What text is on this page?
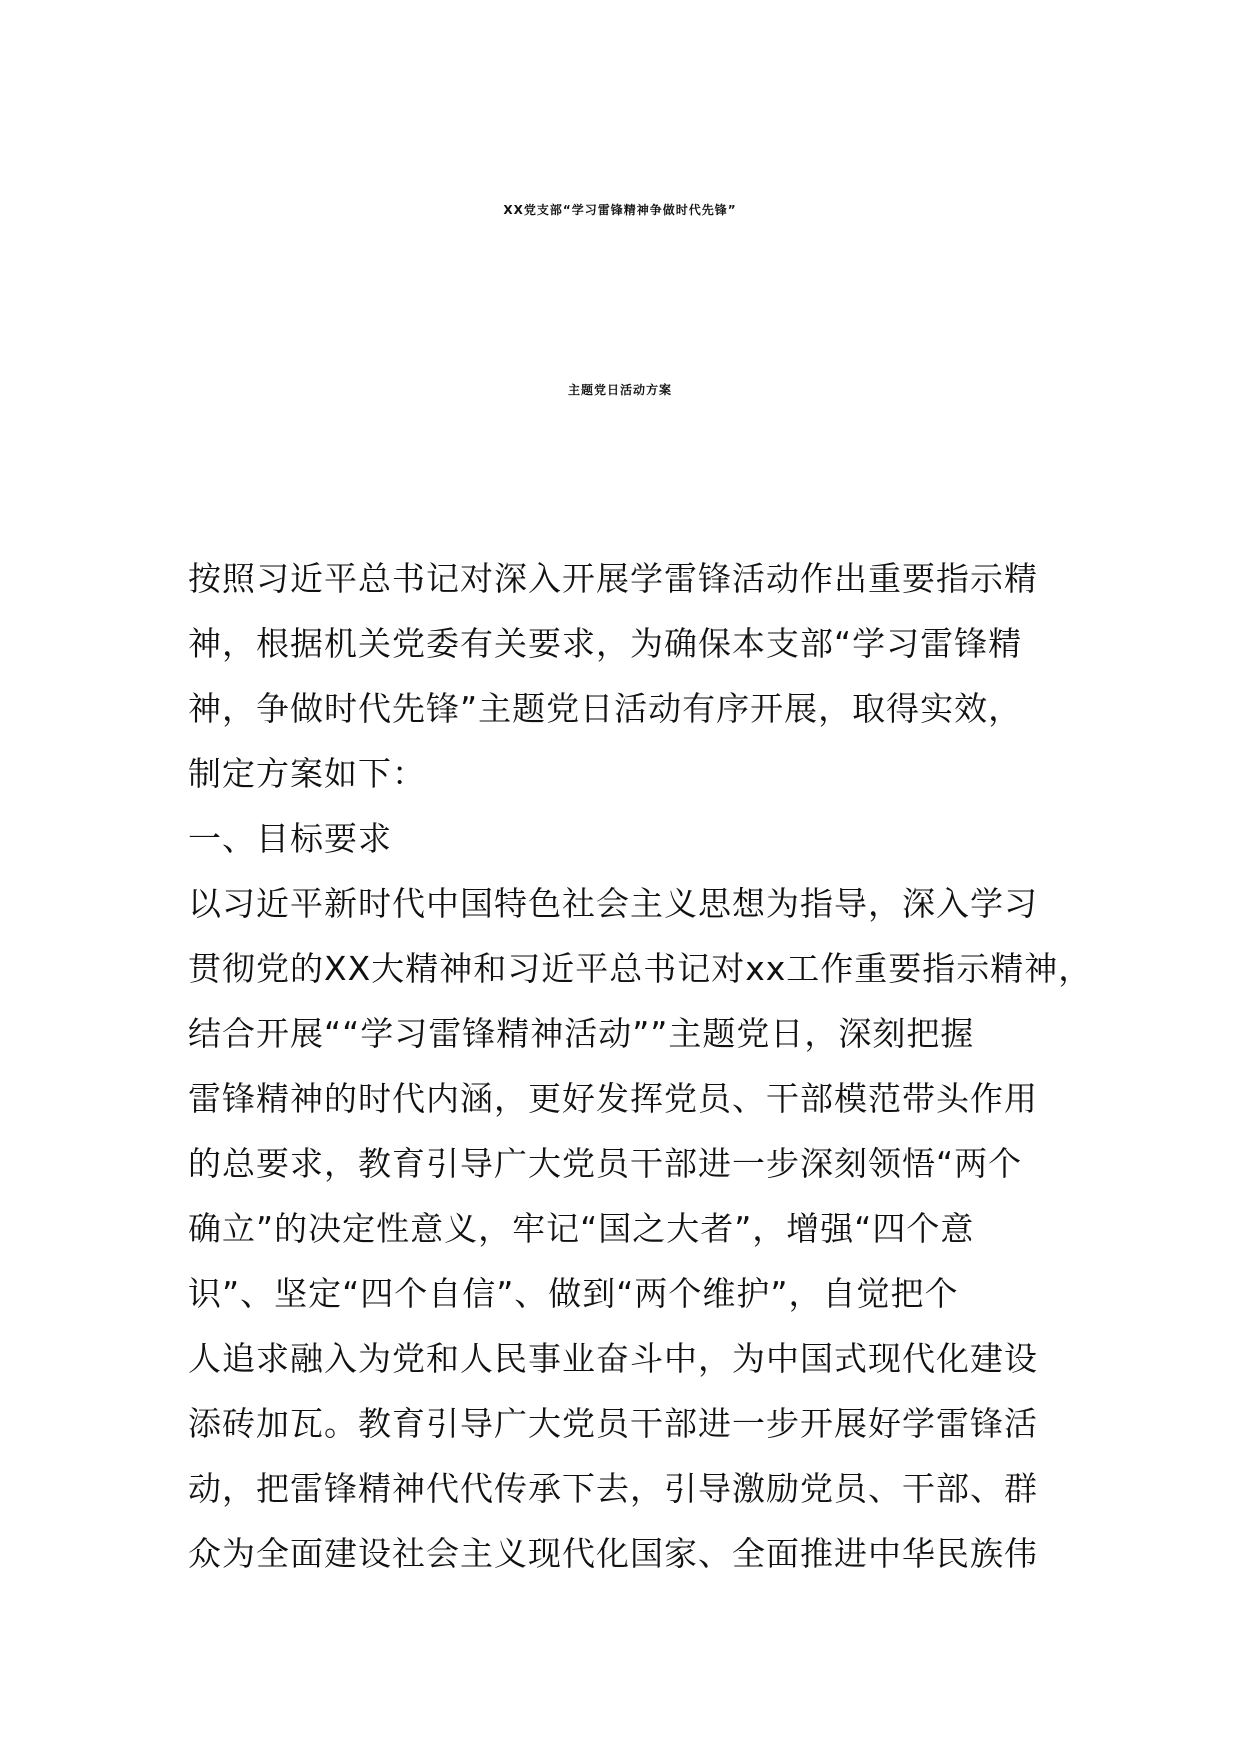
XX党支部“学习雷锋精神争做时代先锋”
主题党日活动方案
按照习近平总书记对深入开展学雷锋活动作出重要指示精
神，根据机关党委有关要求，为确保本支部“学习雷锋精
神，争做时代先锋”主题党日活动有序开展，取得实效，
制定方案如下：
一、目标要求
以习近平新时代中国特色社会主义思想为指导，深入学习
贯彻党的XX大精神和习近平总书记对xx工作重要指示精神，
结合开展““学习雷锋精神活动””主题党日，深刻把握
雷锋精神的时代内涵，更好发挥党员、干部模范带头作用
的总要求，教育引导广大党员干部进一步深刻领悟“两个
确立”的决定性意义，牢记“国之大者”，增强“四个意
识”、坚定“四个自信”、做到“两个维护”，自觉把个
人追求融入为党和人民事业奋斗中，为中国式现代化建设
添砖加瓦。教育引导广大党员干部进一步开展好学雷锋活
动，把雷锋精神代代传承下去，引导激励党员、干部、群
众为全面建设社会主义现代化国家、全面推进中华民族伟
